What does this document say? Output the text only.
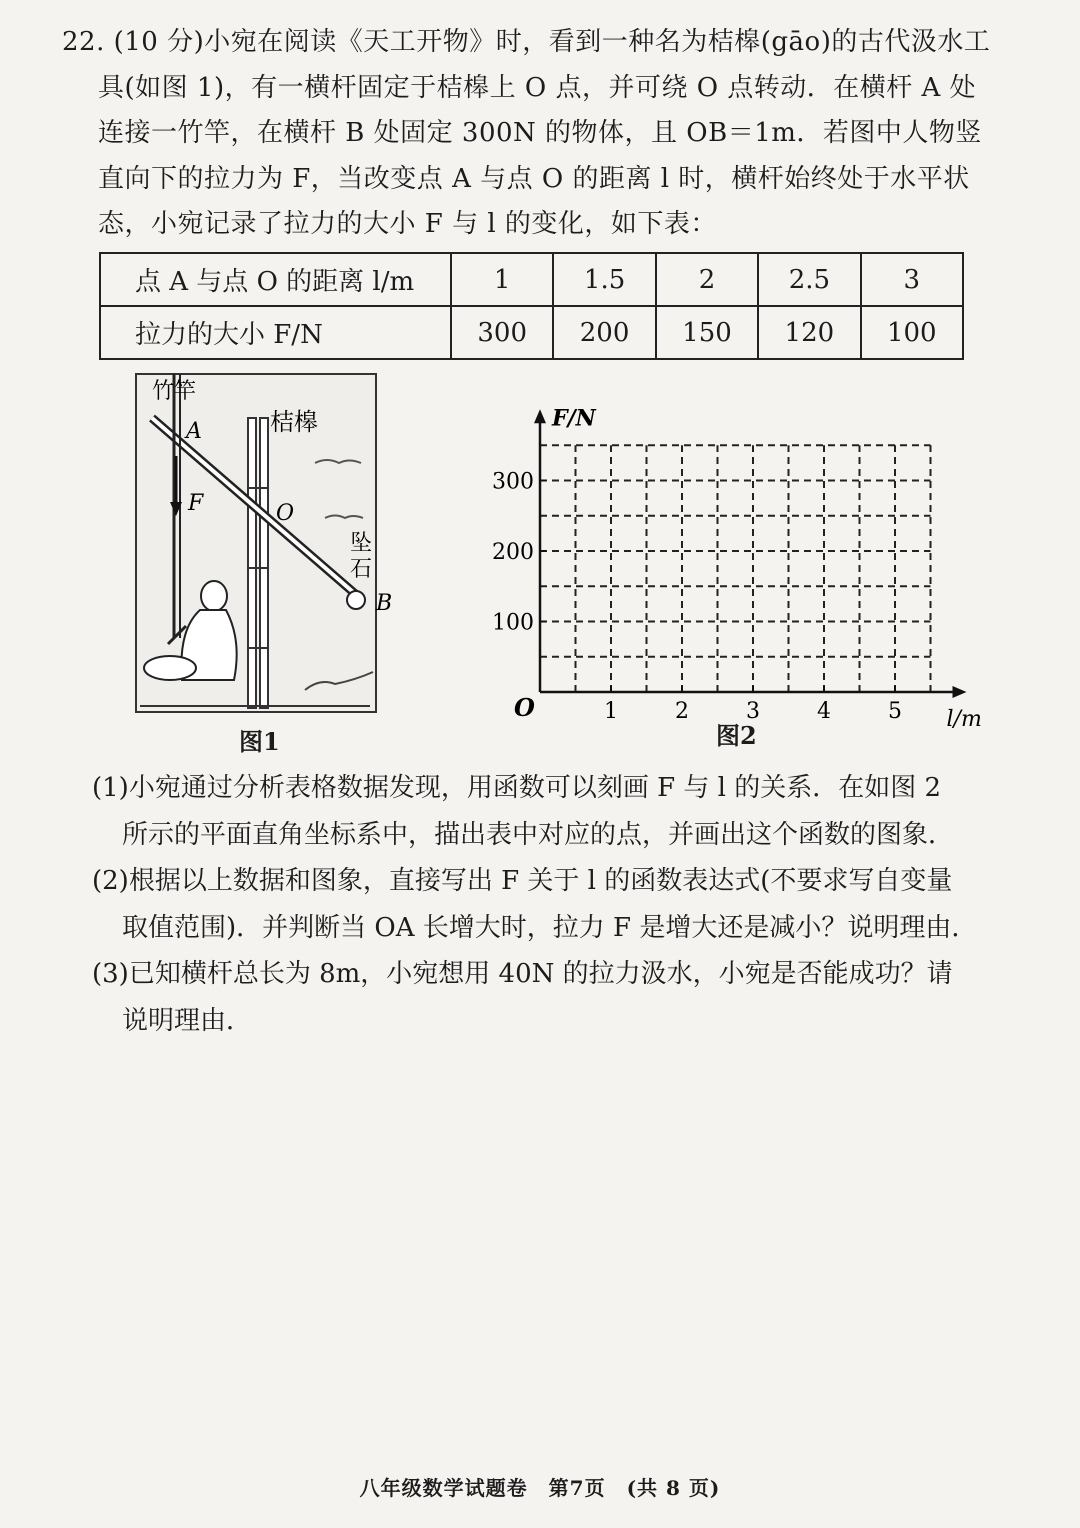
22. (10 分)小宛在阅读《天工开物》时，看到一种名为桔槔(gāo)的古代汲水工
具(如图 1)，有一横杆固定于桔槔上 O 点，并可绕 O 点转动．在横杆 A 处
连接一竹竿，在横杆 B 处固定 300N 的物体，且 OB＝1m．若图中人物竖
直向下的拉力为 F，当改变点 A 与点 O 的距离 l 时，横杆始终处于水平状
态，小宛记录了拉力的大小 F 与 l 的变化，如下表：
点 A 与点 O 的距离 l/m	1	1.5	2	2.5	3
拉力的大小 F/N	300	200	150	120	100
竹竿
A	桔槔
F	O
坠
石
B
图1
1	2	3	4	5
100
200
300
O
F/N
l/m
图2
(1)小宛通过分析表格数据发现，用函数可以刻画 F 与 l 的关系．在如图 2
所示的平面直角坐标系中，描出表中对应的点，并画出这个函数的图象．
(2)根据以上数据和图象，直接写出 F 关于 l 的函数表达式(不要求写自变量
取值范围)．并判断当 OA 长增大时，拉力 F 是增大还是减小？说明理由．
(3)已知横杆总长为 8m，小宛想用 40N 的拉力汲水，小宛是否能成功？请
说明理由．
八年级数学试题卷　第7页　(共 8 页)
